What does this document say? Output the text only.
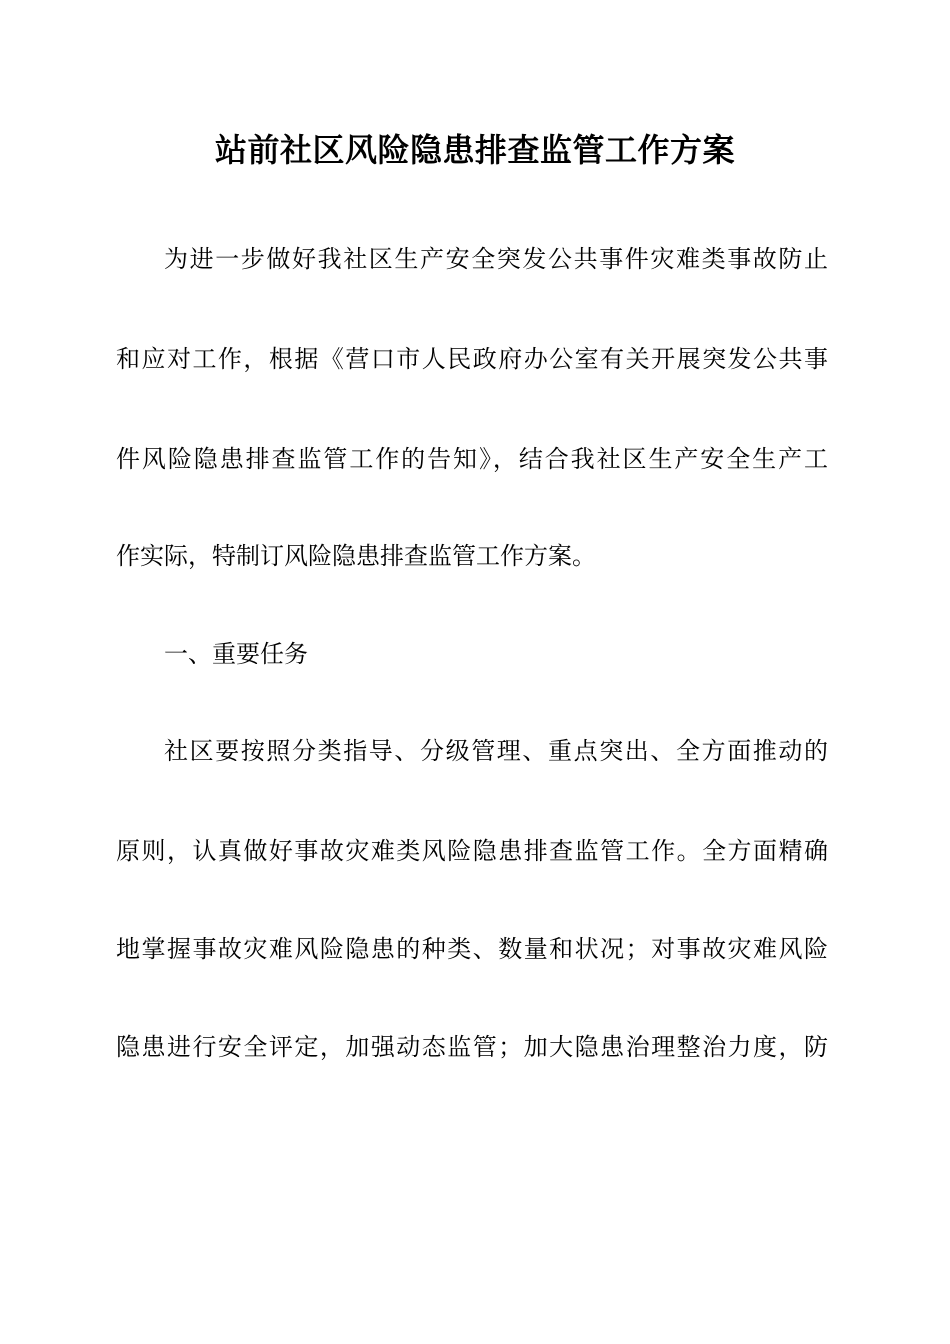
站前社区风险隐患排查监管工作方案

为进一步做好我社区生产安全突发公共事件灾难类事故防止

和应对工作，根据《营口市人民政府办公室有关开展突发公共事

件风险隐患排查监管工作的告知》，结合我社区生产安全生产工

作实际，特制订风险隐患排查监管工作方案。

一、重要任务

社区要按照分类指导、分级管理、重点突出、全方面推动的

原则，认真做好事故灾难类风险隐患排查监管工作。全方面精确

地掌握事故灾难风险隐患的种类、数量和状况；对事故灾难风险

隐患进行安全评定，加强动态监管；加大隐患治理整治力度，防
